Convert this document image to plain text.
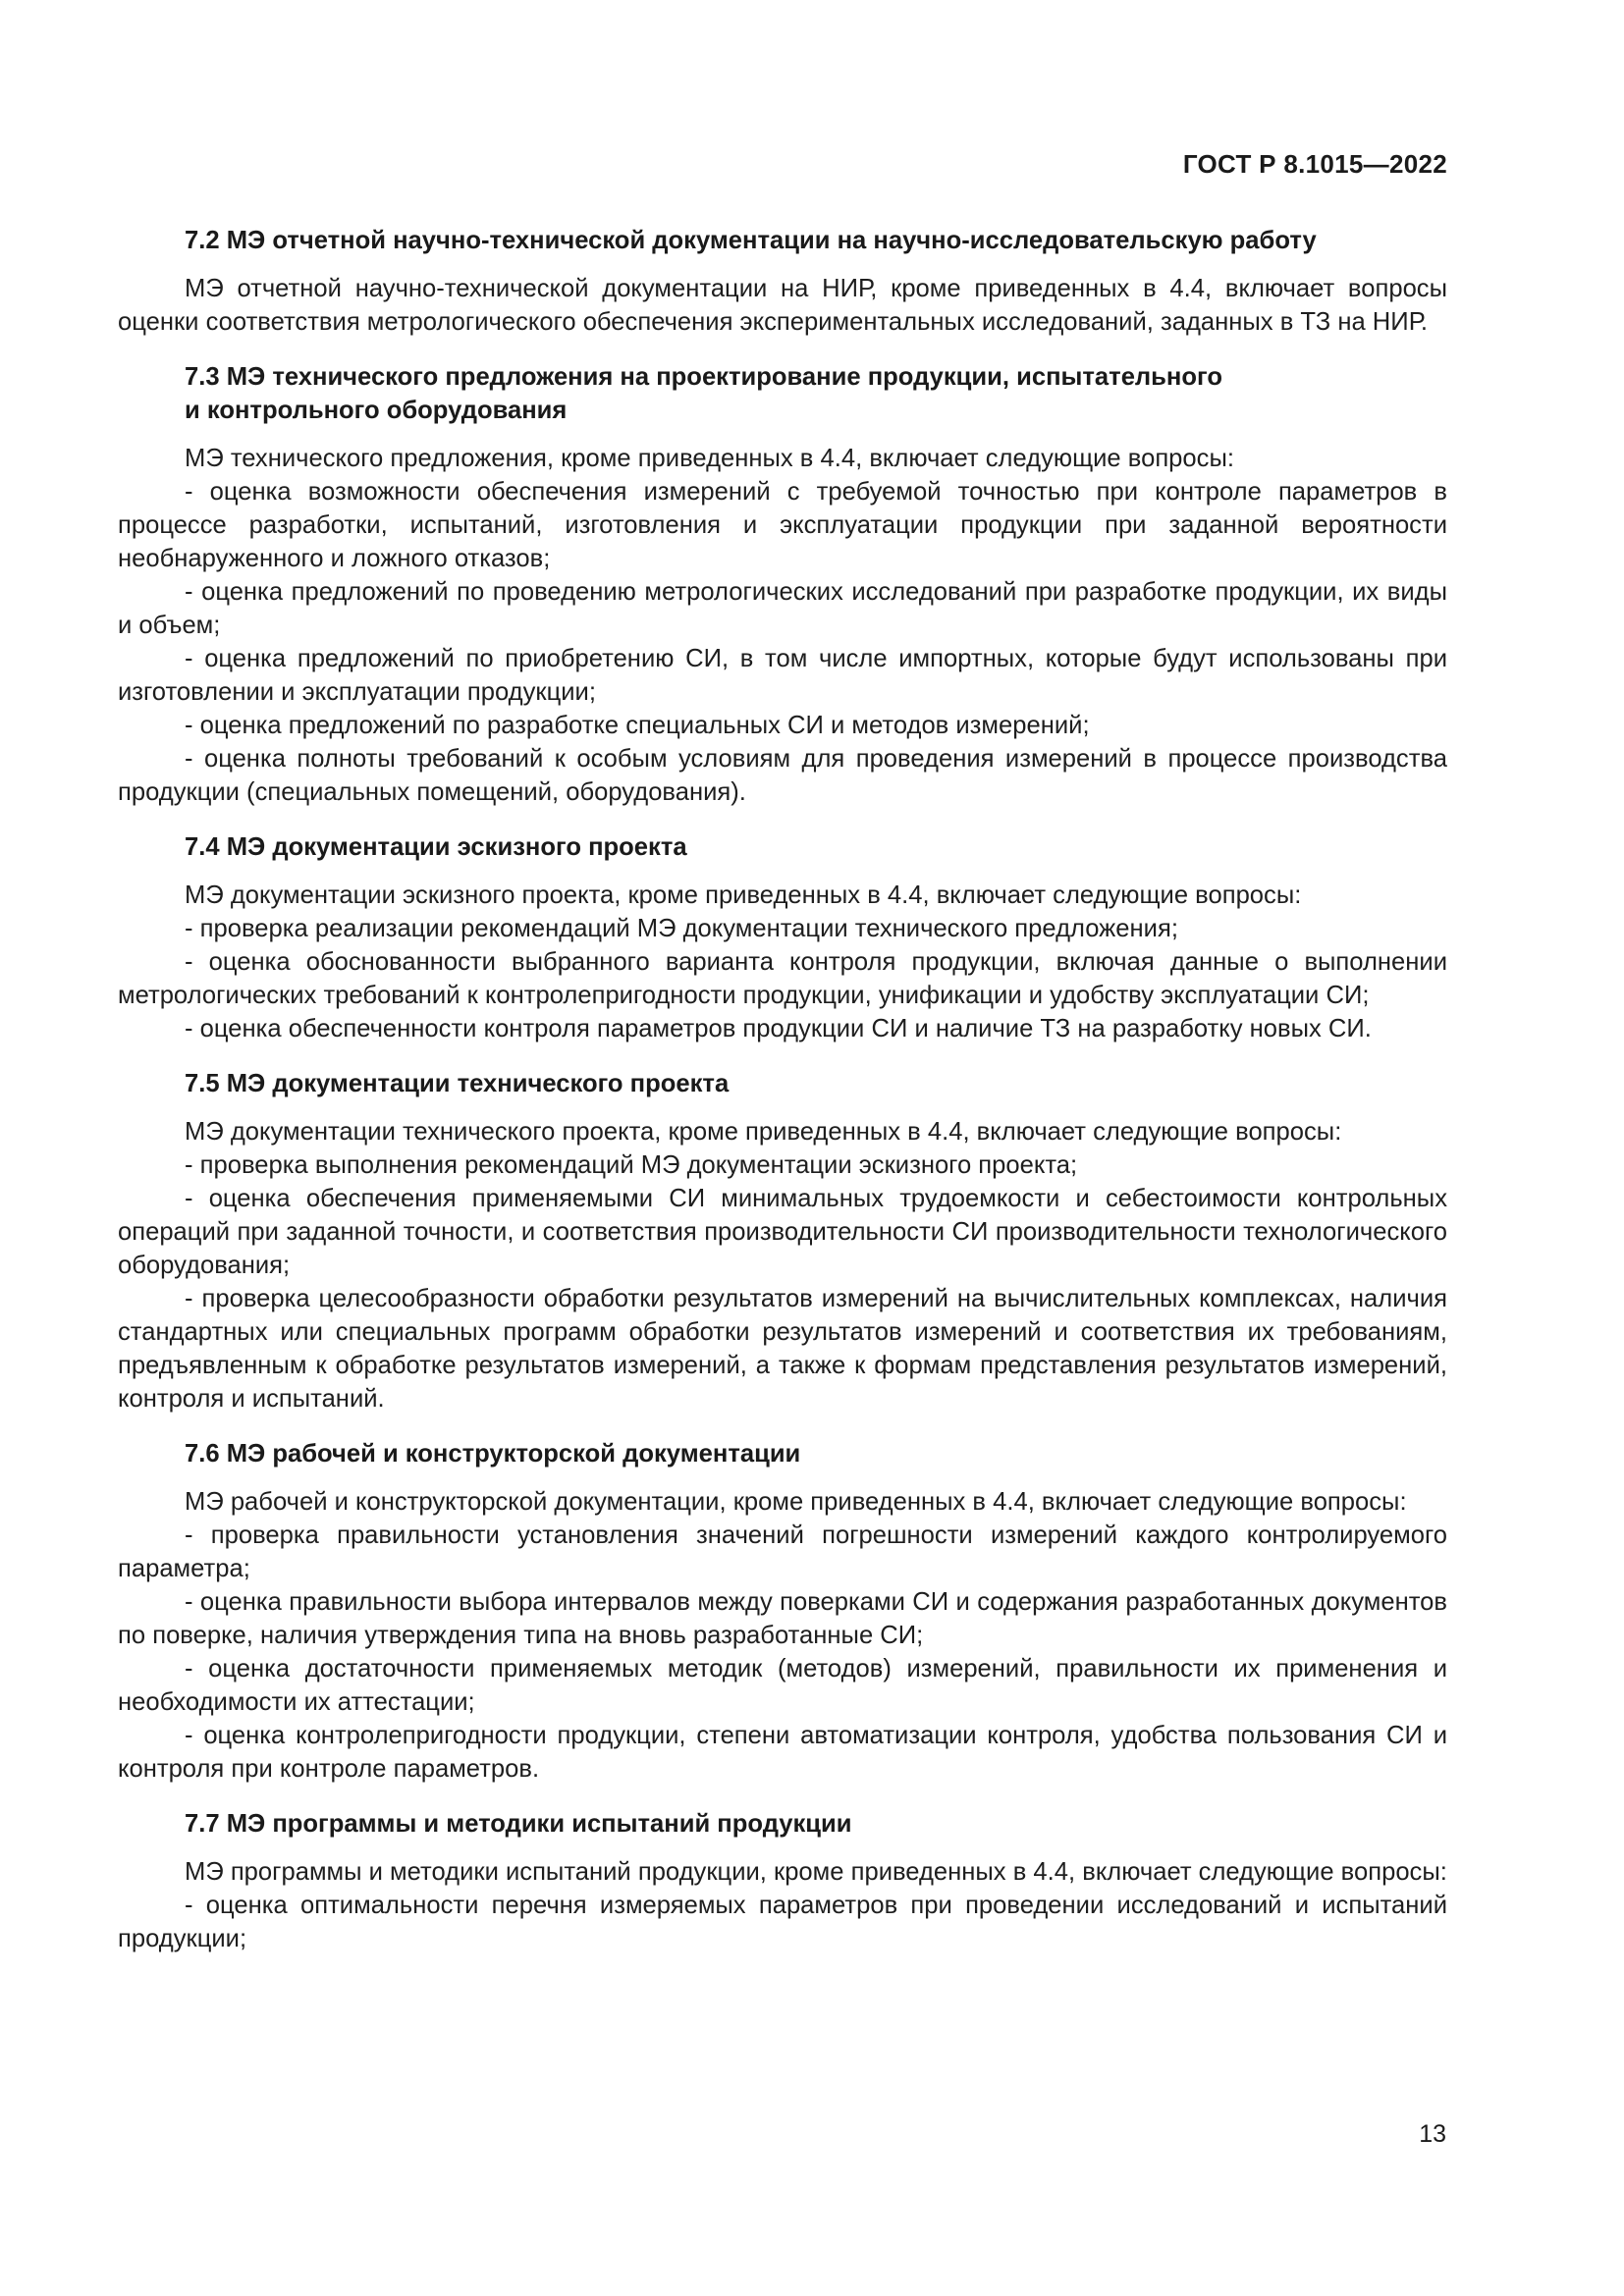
ГОСТ Р 8.1015—2022
7.2 МЭ отчетной научно-технической документации на научно-исследовательскую работу

МЭ отчетной научно-технической документации на НИР, кроме приведенных в 4.4, включает вопросы оценки соответствия метрологического обеспечения экспериментальных исследований, заданных в ТЗ на НИР.

7.3 МЭ технического предложения на проектирование продукции, испытательного
и контрольного оборудования

МЭ технического предложения, кроме приведенных в 4.4, включает следующие вопросы:

- оценка возможности обеспечения измерений с требуемой точностью при контроле параметров в процессе разработки, испытаний, изготовления и эксплуатации продукции при заданной вероятности необнаруженного и ложного отказов;

- оценка предложений по проведению метрологических исследований при разработке продукции, их виды и объем;

- оценка предложений по приобретению СИ, в том числе импортных, которые будут использованы при изготовлении и эксплуатации продукции;

- оценка предложений по разработке специальных СИ и методов измерений;

- оценка полноты требований к особым условиям для проведения измерений в процессе производства продукции (специальных помещений, оборудования).

7.4 МЭ документации эскизного проекта

МЭ документации эскизного проекта, кроме приведенных в 4.4, включает следующие вопросы:

- проверка реализации рекомендаций МЭ документации технического предложения;

- оценка обоснованности выбранного варианта контроля продукции, включая данные о выполнении метрологических требований к контролепригодности продукции, унификации и удобству эксплуатации СИ;

- оценка обеспеченности контроля параметров продукции СИ и наличие ТЗ на разработку новых СИ.

7.5 МЭ документации технического проекта

МЭ документации технического проекта, кроме приведенных в 4.4, включает следующие вопросы:

- проверка выполнения рекомендаций МЭ документации эскизного проекта;

- оценка обеспечения применяемыми СИ минимальных трудоемкости и себестоимости контрольных операций при заданной точности, и соответствия производительности СИ производительности технологического оборудования;

- проверка целесообразности обработки результатов измерений на вычислительных комплексах, наличия стандартных или специальных программ обработки результатов измерений и соответствия их требованиям, предъявленным к обработке результатов измерений, а также к формам представления результатов измерений, контроля и испытаний.

7.6 МЭ рабочей и конструкторской документации

МЭ рабочей и конструкторской документации, кроме приведенных в 4.4, включает следующие вопросы:

- проверка правильности установления значений погрешности измерений каждого контролируемого параметра;

- оценка правильности выбора интервалов между поверками СИ и содержания разработанных документов по поверке, наличия утверждения типа на вновь разработанные СИ;

- оценка достаточности применяемых методик (методов) измерений, правильности их применения и необходимости их аттестации;

- оценка контролепригодности продукции, степени автоматизации контроля, удобства пользования СИ и контроля при контроле параметров.

7.7 МЭ программы и методики испытаний продукции

МЭ программы и методики испытаний продукции, кроме приведенных в 4.4, включает следующие вопросы:

- оценка оптимальности перечня измеряемых параметров при проведении исследований и испытаний продукции;

13
